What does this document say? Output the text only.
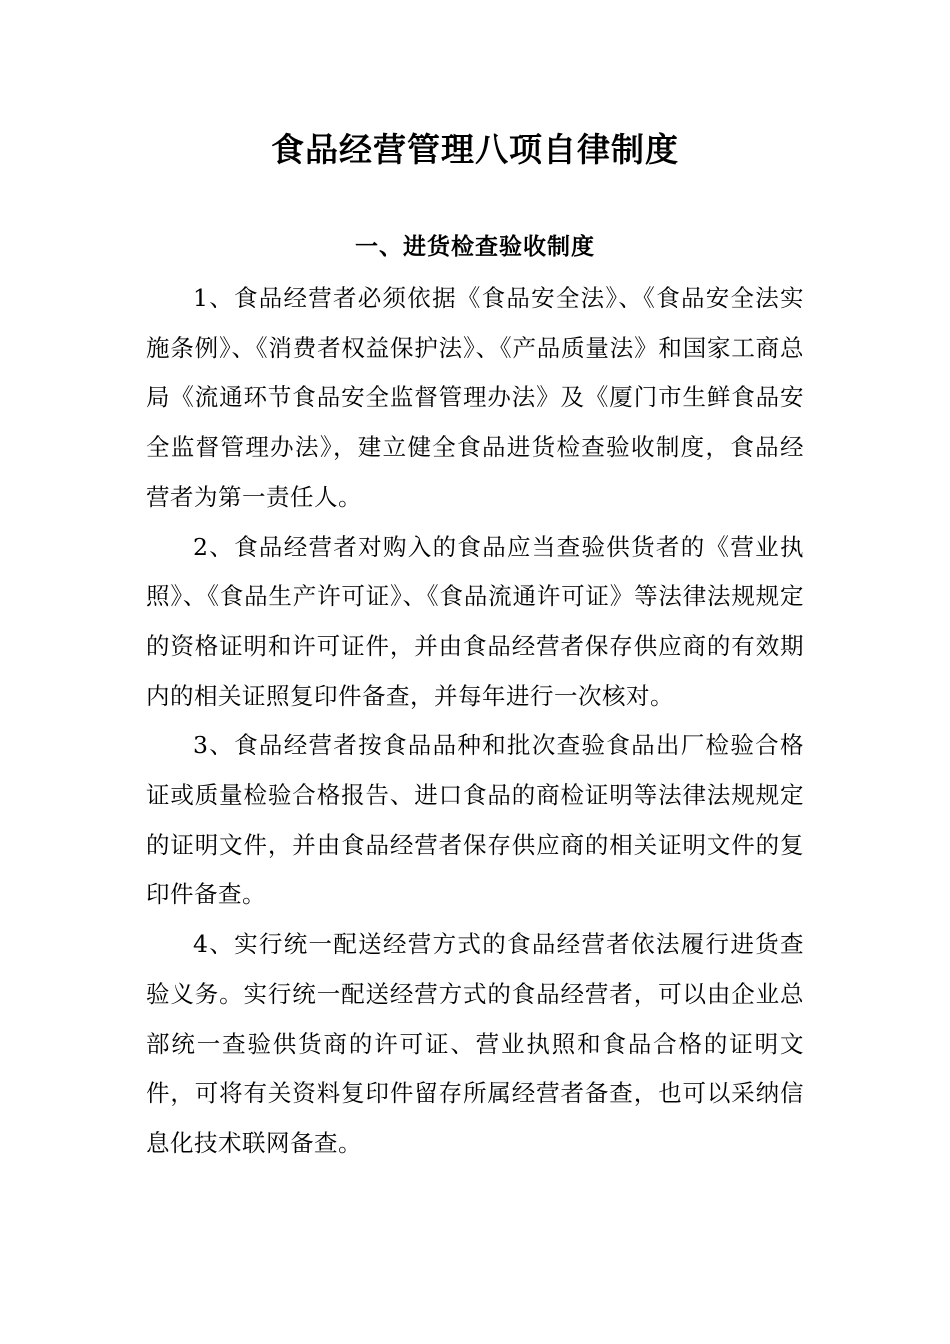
食品经营管理八项自律制度
一、进货检查验收制度

1、食品经营者必须依据《食品安全法》、《食品安全法实施条例》、《消费者权益保护法》、《产品质量法》和国家工商总局《流通环节食品安全监督管理办法》及《厦门市生鲜食品安全监督管理办法》，建立健全食品进货检查验收制度，食品经营者为第一责任人。

2、食品经营者对购入的食品应当查验供货者的《营业执照》、《食品生产许可证》、《食品流通许可证》等法律法规规定的资格证明和许可证件，并由食品经营者保存供应商的有效期内的相关证照复印件备查，并每年进行一次核对。

3、食品经营者按食品品种和批次查验食品出厂检验合格证或质量检验合格报告、进口食品的商检证明等法律法规规定的证明文件，并由食品经营者保存供应商的相关证明文件的复印件备查。

4、实行统一配送经营方式的食品经营者依法履行进货查验义务。实行统一配送经营方式的食品经营者，可以由企业总部统一查验供货商的许可证、营业执照和食品合格的证明文件，可将有关资料复印件留存所属经营者备查，也可以采纳信息化技术联网备查。
